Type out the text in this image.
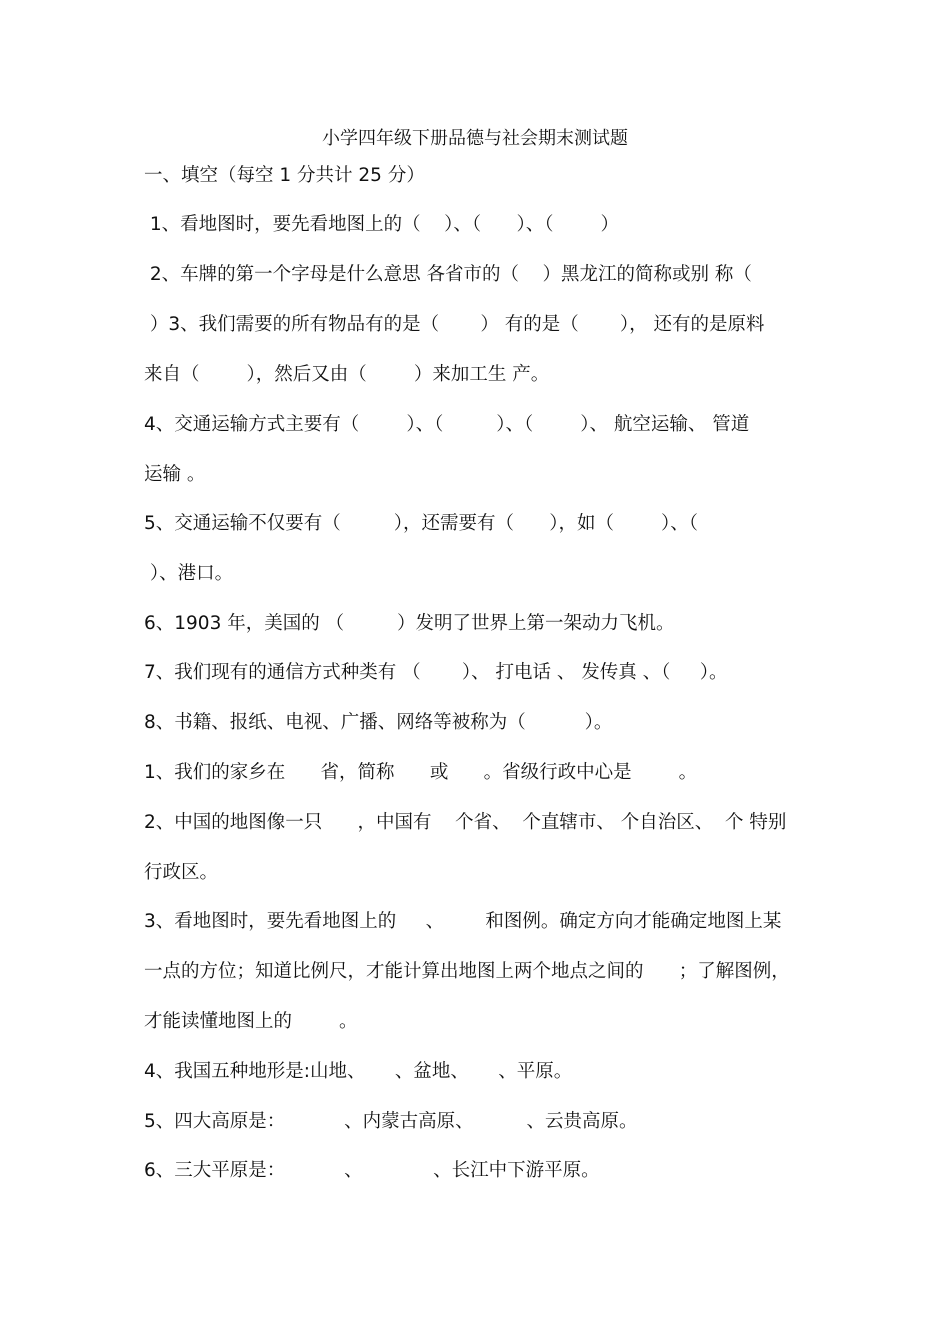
小学四年级下册品德与社会期末测试题
一、填空（每空 1 分共计 25 分）
1、看地图时，要先看地图上的（    ）、（      ）、（        ）
2、车牌的第一个字母是什么意思 各省市的（    ）黑龙江的简称或别 称（
）3、我们需要的所有物品有的是（       ） 有的是（       ）， 还有的是原料
来自（        ），然后又由（        ）来加工生 产。
4、交通运输方式主要有（        ）、（         ）、（        ）、 航空运输、 管道
运输 。
5、交通运输不仅要有（         ），还需要有（      ），如（        ）、（
）、港口。
6、1903 年，美国的 （         ）发明了世界上第一架动力飞机。
7、我们现有的通信方式种类有 （       ）、 打电话 、 发传真 、（     ）。
8、书籍、报纸、电视、广播、网络等被称为（          ）。
1、我们的家乡在      省，简称      或      。省级行政中心是        。
2、中国的地图像一只      ，中国有    个省、  个直辖市、 个自治区、  个 特别
行政区。
3、看地图时，要先看地图上的     、       和图例。确定方向才能确定地图上某
一点的方位；知道比例尺，才能计算出地图上两个地点之间的      ；了解图例，
才能读懂地图上的        。
4、我国五种地形是:山地、     、盆地、     、平原。
5、四大高原是：          、内蒙古高原、         、云贵高原。
6、三大平原是：          、            、长江中下游平原。
